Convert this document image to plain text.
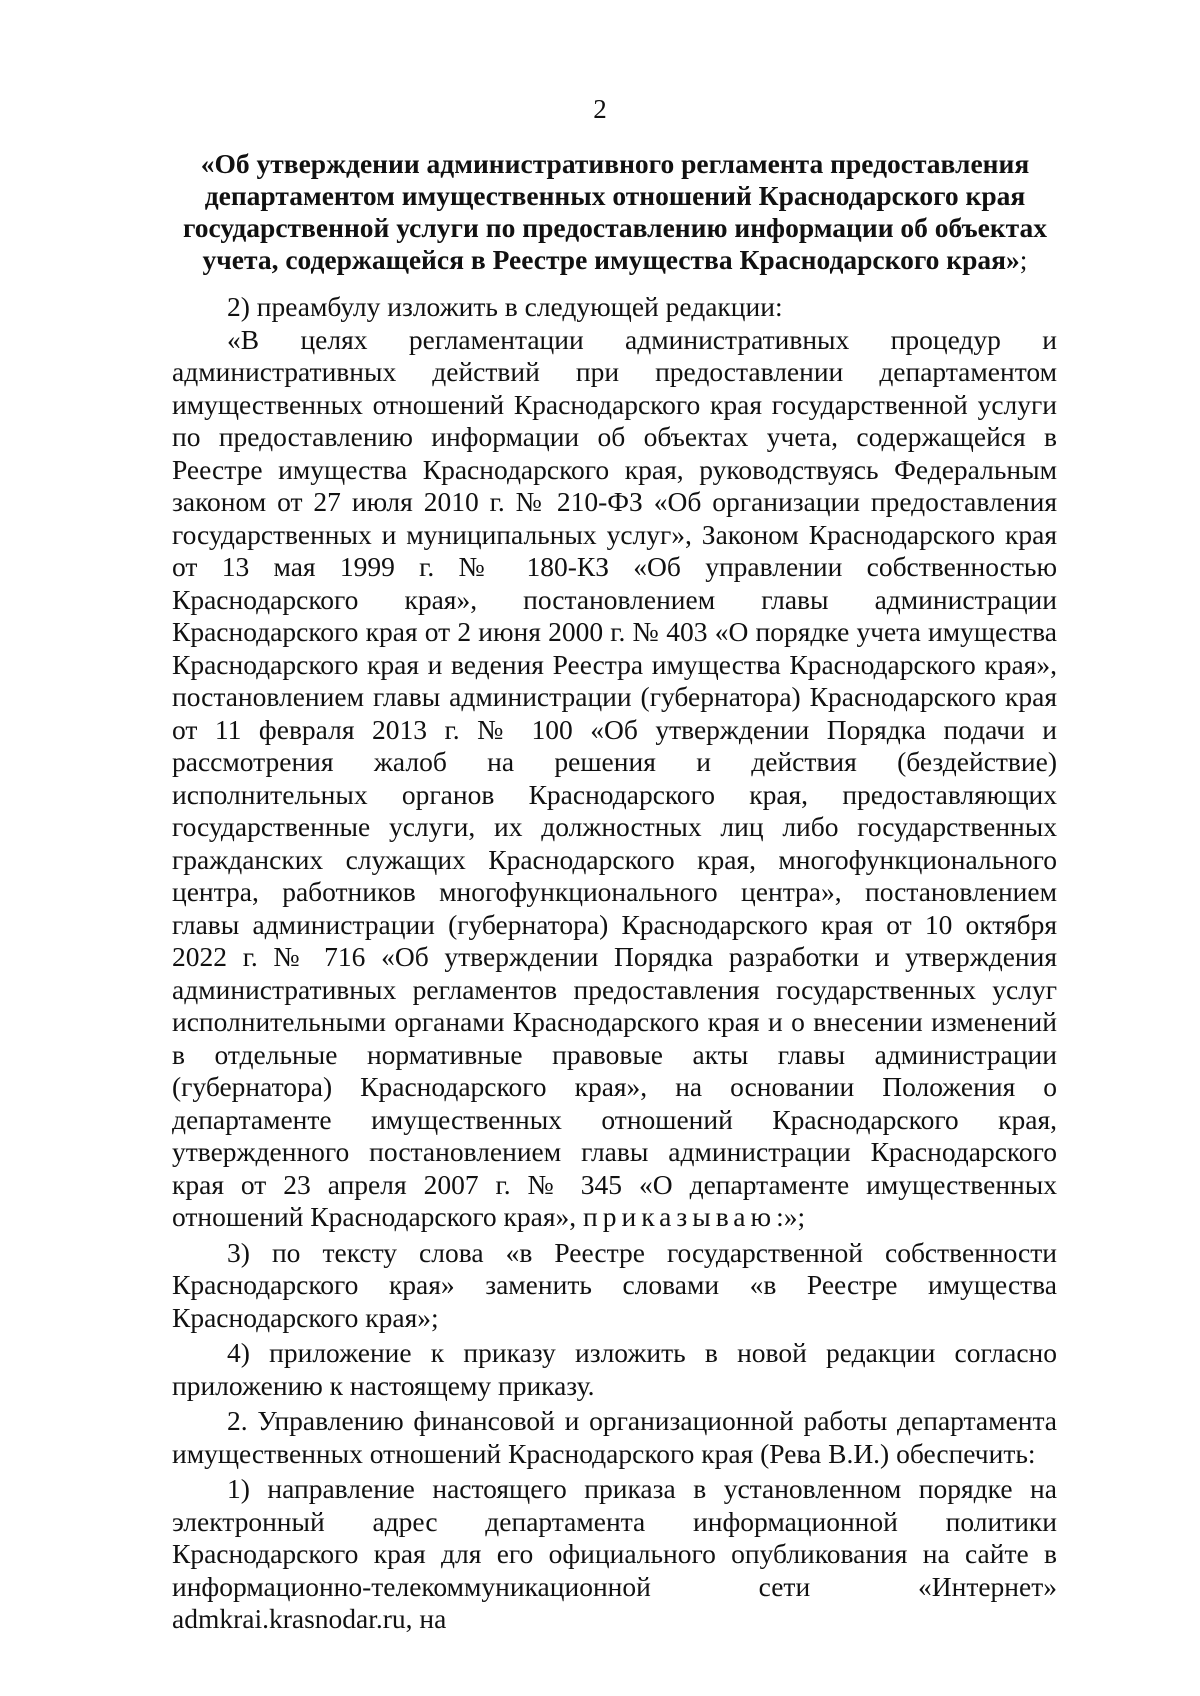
2
«Об утверждении административного регламента предоставления департаментом имущественных отношений Краснодарского края государственной услуги по предоставлению информации об объектах учета, содержащейся в Реестре имущества Краснодарского края»;

2) преамбулу изложить в следующей редакции:

«В целях регламентации административных процедур и административных действий при предоставлении департаментом имущественных отношений Краснодарского края государственной услуги по предоставлению информации об объектах учета, содержащейся в Реестре имущества Краснодарского края, руководствуясь Федеральным законом от 27 июля 2010 г. № 210-ФЗ «Об организации предоставления государственных и муниципальных услуг», Законом Краснодарского края от 13 мая 1999 г. № 180-КЗ «Об управлении собственностью Краснодарского края», постановлением главы администрации Краснодарского края от 2 июня 2000 г. № 403 «О порядке учета имущества Краснодарского края и ведения Реестра имущества Краснодарского края», постановлением главы администрации (губернатора) Краснодарского края от 11 февраля 2013 г. № 100 «Об утверждении Порядка подачи и рассмотрения жалоб на решения и действия (бездействие) исполнительных органов Краснодарского края, предоставляющих государственные услуги, их должностных лиц либо государственных гражданских служащих Краснодарского края, многофункционального центра, работников многофункционального центра», постановлением главы администрации (губернатора) Краснодарского края от 10 октября 2022 г. № 716 «Об утверждении Порядка разработки и утверждения административных регламентов предоставления государственных услуг исполнительными органами Краснодарского края и о внесении изменений в отдельные нормативные правовые акты главы администрации (губернатора) Краснодарского края», на основании Положения о департаменте имущественных отношений Краснодарского края, утвержденного постановлением главы администрации Краснодарского края от 23 апреля 2007 г. № 345 «О департаменте имущественных отношений Краснодарского края», приказываю:»;

3) по тексту слова «в Реестре государственной собственности Краснодарского края» заменить словами «в Реестре имущества Краснодарского края»;

4) приложение к приказу изложить в новой редакции согласно приложению к настоящему приказу.

2. Управлению финансовой и организационной работы департамента имущественных отношений Краснодарского края (Рева В.И.) обеспечить:

1) направление настоящего приказа в установленном порядке на электронный адрес департамента информационной политики Краснодарского края для его официального опубликования на сайте в информационно-телекоммуникационной сети «Интернет» admkrai.krasnodar.ru, на
